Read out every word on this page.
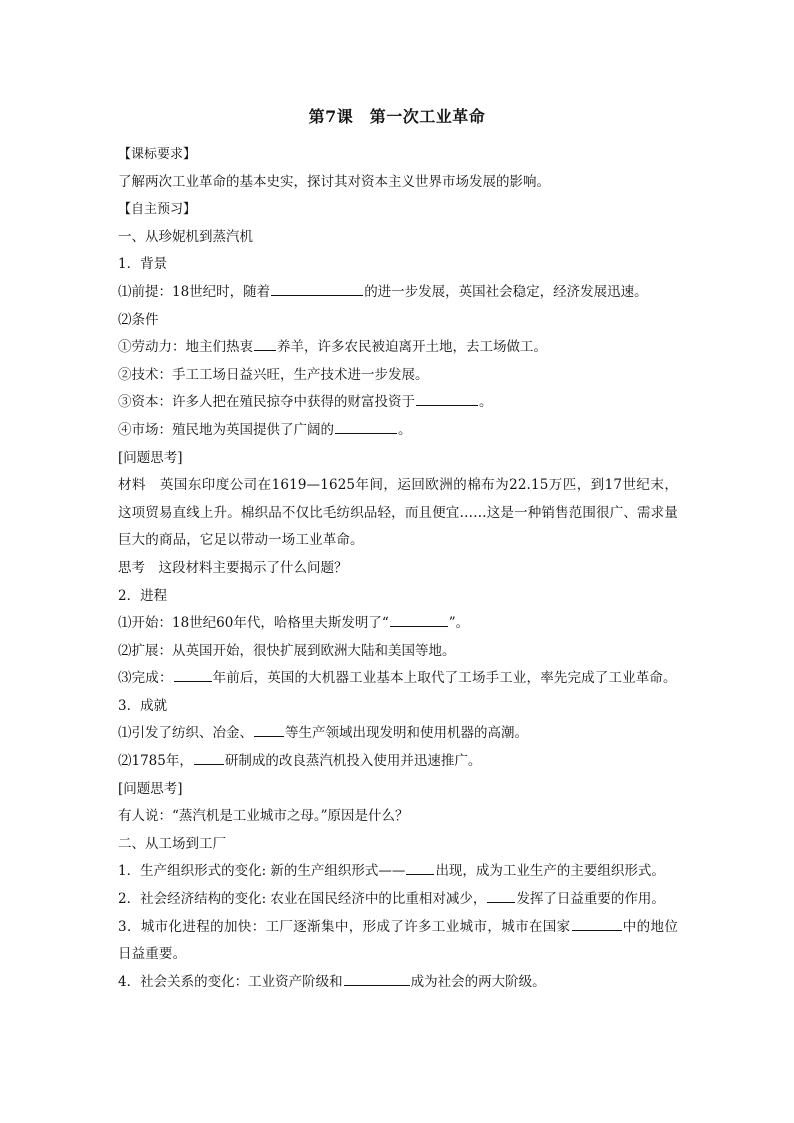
第7课　第一次工业革命
【课标要求】
了解两次工业革命的基本史实，探讨其对资本主义世界市场发展的影响。
【自主预习】
一、从珍妮机到蒸汽机
1．背景
⑴前提：18世纪时，随着	的进一步发展，英国社会稳定，经济发展迅速。
⑵条件
①劳动力：地主们热衷 养羊，许多农民被迫离开土地，去工场做工。
②技术：手工工场日益兴旺，生产技术进一步发展。
③资本：许多人把在殖民掠夺中获得的财富投资于	。
④市场：殖民地为英国提供了广阔的	。
[问题思考]
材料　英国东印度公司在1619—1625年间，运回欧洲的棉布为22.15万匹，到17世纪末，这项贸易直线上升。棉织品不仅比毛纺织品轻，而且便宜……这是一种销售范围很广、需求量巨大的商品，它足以带动一场工业革命。
思考　这段材料主要揭示了什么问题？
2．进程
⑴开始：18世纪60年代，哈格里夫斯发明了“	”。
⑵扩展：从英国开始，很快扩展到欧洲大陆和美国等地。
⑶完成：	年前后，英国的大机器工业基本上取代了工场手工业，率先完成了工业革命。
3．成就
⑴引发了纺织、冶金、 等生产领域出现发明和使用机器的高潮。
⑵1785年， 研制成的改良蒸汽机投入使用并迅速推广。
[问题思考]
有人说：“蒸汽机是工业城市之母。”原因是什么？
二、从工场到工厂
1．生产组织形式的变化: 新的生产组织形式—— 出现，成为工业生产的主要组织形式。
2．社会经济结构的变化: 农业在国民经济中的比重相对减少， 发挥了日益重要的作用。
3．城市化进程的加快：工厂逐渐集中，形成了许多工业城市，城市在国家	中的地位日益重要。
4．社会关系的变化：工业资产阶级和	成为社会的两大阶级。
